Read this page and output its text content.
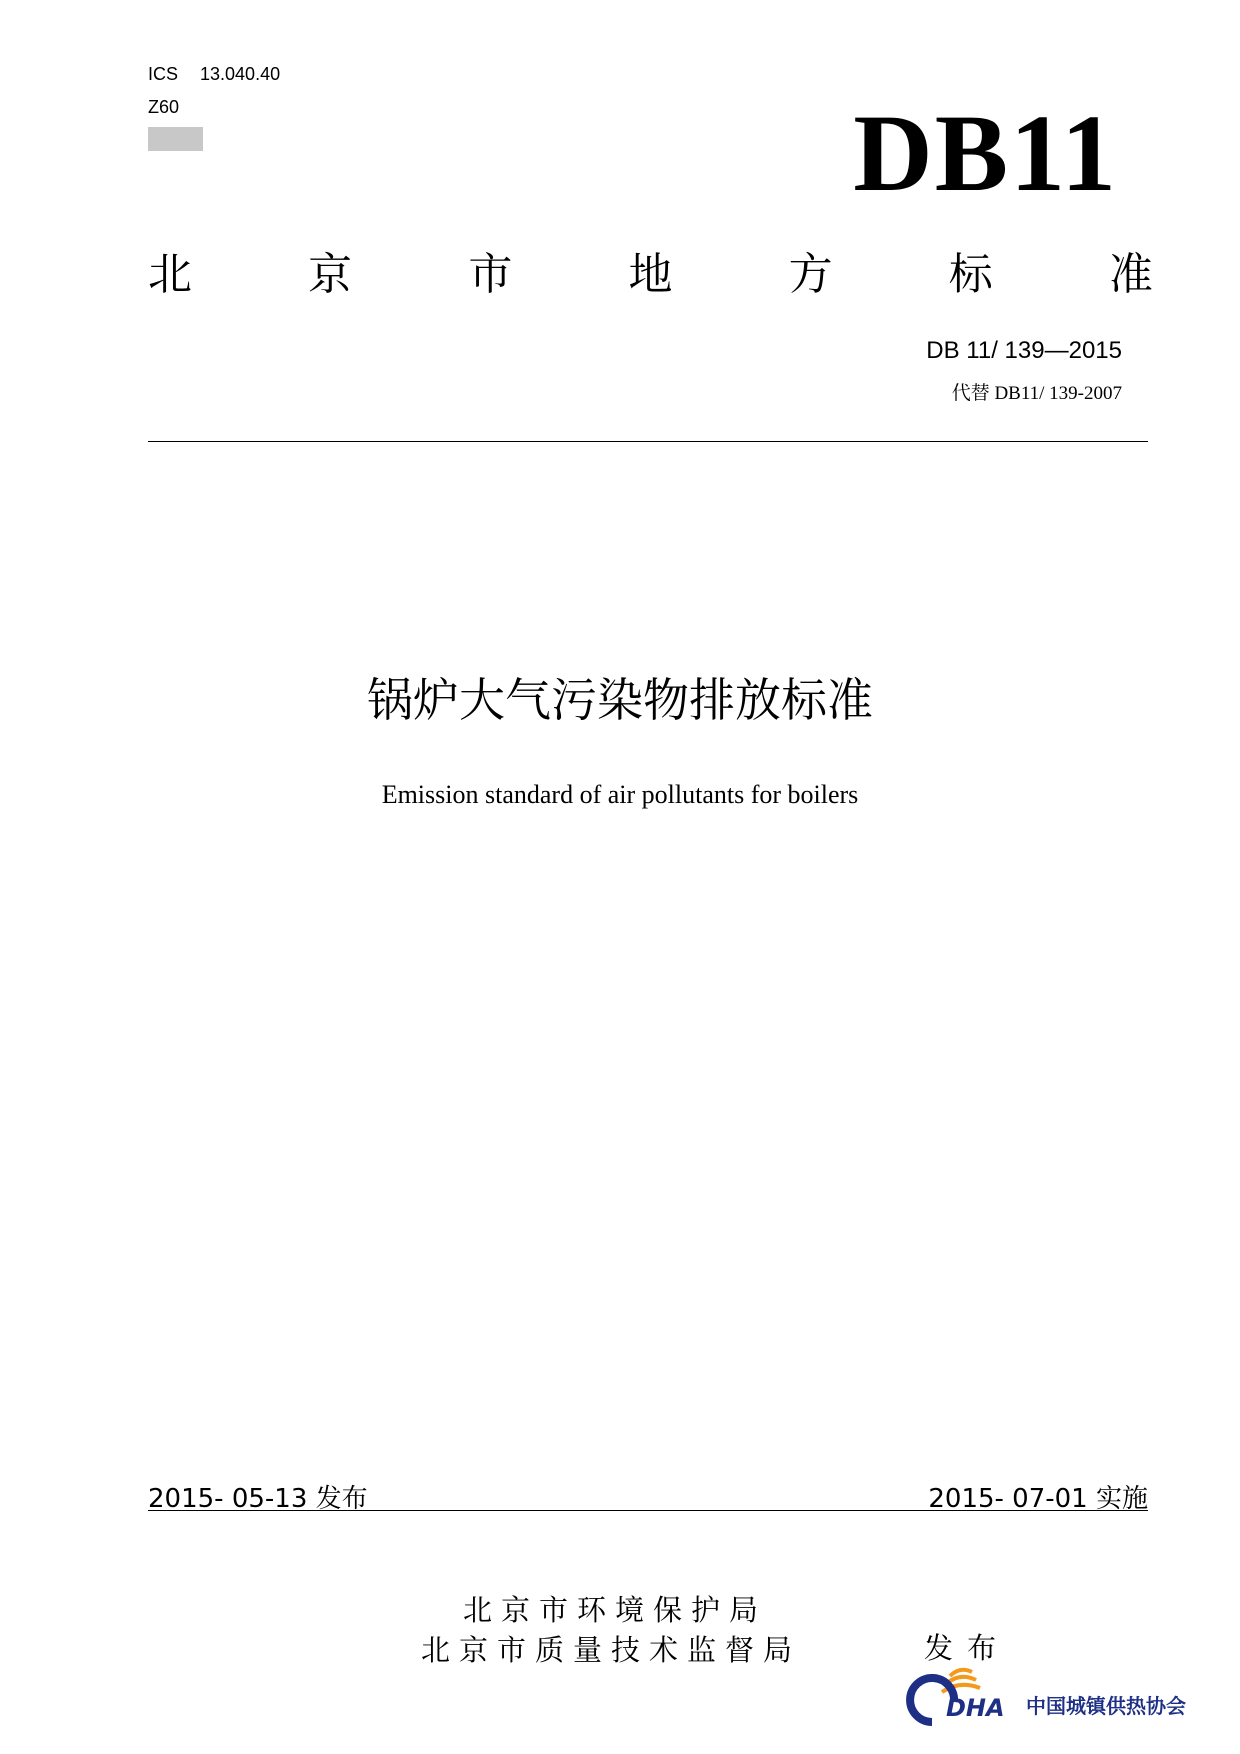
ICS 13.040.40
Z60	DB11
北	京	市	地	方	标	准
DB 11/ 139—2015
代替 DB11/ 139-2007
锅炉大气污染物排放标准
Emission standard of air pollutants for boilers
2015- 05-13 发布	2015- 07-01 实施
北京市环境保护局
北京市质量技术监督局	发布
DHA 中国城镇供热协会
